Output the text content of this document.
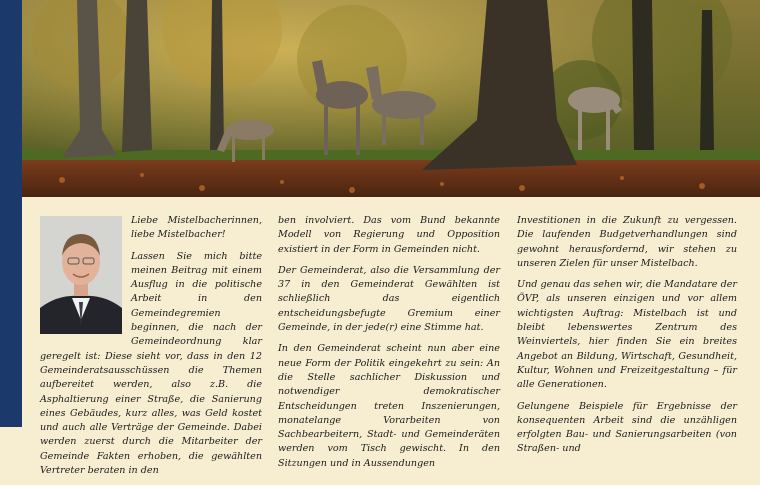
Liebe Mistelbacherinnen, liebe Mistelbacher!

Lassen Sie mich bitte meinen Beitrag mit einem Ausflug in die politische Arbeit in den Gemeindegremien beginnen, die nach der Gemeindeordnung klar geregelt ist: Diese sieht vor, dass in den 12 Gemeinderatsausschüssen die Themen aufbereitet werden, also z.B. die Asphaltierung einer Straße, die Sanierung eines Gebäudes, kurz alles, was Geld kostet und auch alle Verträge der Gemeinde. Dabei werden zuerst durch die Mitarbeiter der Gemeinde Fakten erhoben, die gewählten Vertreter beraten in den

ben involviert. Das vom Bund bekannte Modell von Regierung und Opposition existiert in der Form in Gemeinden nicht.

Der Gemeinderat, also die Versammlung der 37 in den Gemeinderat Gewählten ist schließlich das eigentlich entscheidungsbefugte Gremium einer Gemeinde, in der jede(r) eine Stimme hat.

In den Gemeinderat scheint nun aber eine neue Form der Politik eingekehrt zu sein: An die Stelle sachlicher Diskussion und notwendiger demokratischer Entscheidungen treten Inszenierungen, monatelange Vorarbeiten von Sachbearbeitern, Stadt- und Gemeinderäten werden vom Tisch gewischt. In den Sitzungen und in Aussendungen

Investitionen in die Zukunft zu vergessen. Die laufenden Budgetverhandlungen sind gewohnt herausfordernd, wir stehen zu unseren Zielen für unser Mistelbach.

Und genau das sehen wir, die Mandatare der ÖVP, als unseren einzigen und vor allem wichtigsten Auftrag: Mistelbach ist und bleibt lebenswertes Zentrum des Weinviertels, hier finden Sie ein breites Angebot an Bildung, Wirtschaft, Gesundheit, Kultur, Wohnen und Freizeitgestaltung – für alle Generationen.

Gelungene Beispiele für Ergebnisse der konsequenten Arbeit sind die unzähligen erfolgten Bau- und Sanierungsarbeiten (von Straßen- und
